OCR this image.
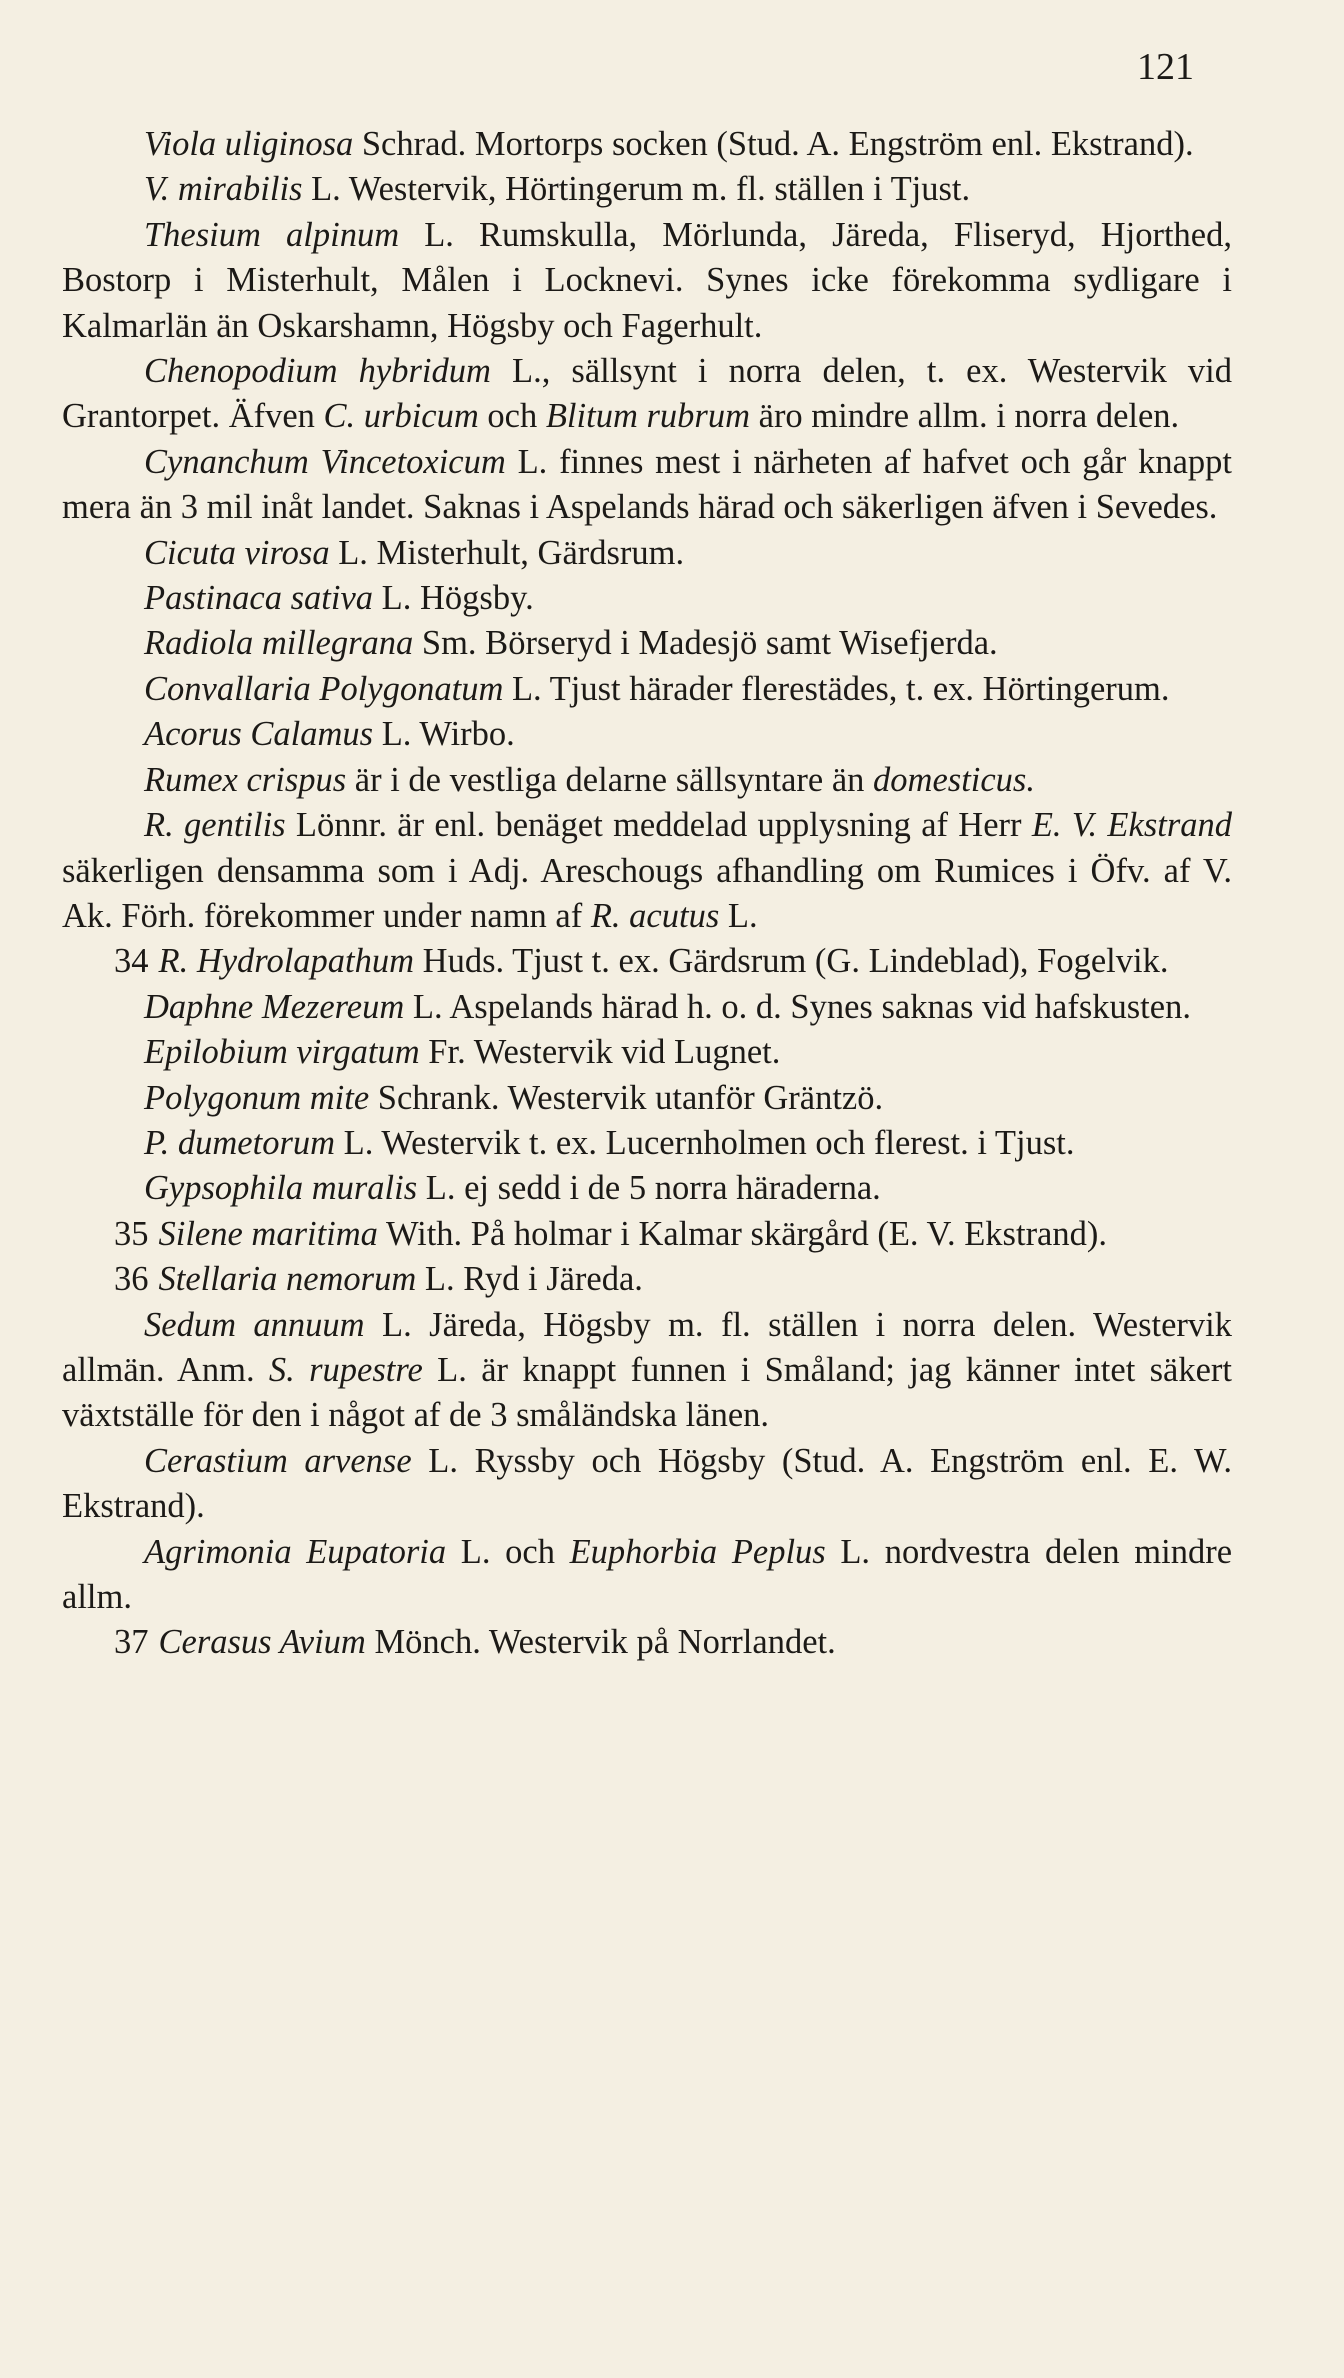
121

Viola uliginosa Schrad. Mortorps socken (Stud. A. Engström enl. Ekstrand).

V. mirabilis L. Westervik, Hörtingerum m. fl. ställen i Tjust.

Thesium alpinum L. Rumskulla, Mörlunda, Järeda, Fliseryd, Hjorthed, Bostorp i Misterhult, Målen i Locknevi. Synes icke förekomma sydligare i Kalmarlän än Oskarshamn, Högsby och Fagerhult.

Chenopodium hybridum L., sällsynt i norra delen, t. ex. Westervik vid Grantorpet. Äfven C. urbicum och Blitum rubrum äro mindre allm. i norra delen.

Cynanchum Vincetoxicum L. finnes mest i närheten af hafvet och går knappt mera än 3 mil inåt landet. Saknas i Aspelands härad och säkerligen äfven i Sevedes.

Cicuta virosa L. Misterhult, Gärdsrum.

Pastinaca sativa L. Högsby.

Radiola millegrana Sm. Börseryd i Madesjö samt Wisefjerda.

Convallaria Polygonatum L. Tjust härader flerestädes, t. ex. Hörtingerum.

Acorus Calamus L. Wirbo.

Rumex crispus är i de vestliga delarne sällsyntare än domesticus.

R. gentilis Lönnr. är enl. benäget meddelad upplysning af Herr E. V. Ekstrand säkerligen densamma som i Adj. Areschougs afhandling om Rumices i Öfv. af V. Ak. Förh. förekommer under namn af R. acutus L.

34 R. Hydrolapathum Huds. Tjust t. ex. Gärdsrum (G. Lindeblad), Fogelvik.

Daphne Mezereum L. Aspelands härad h. o. d. Synes saknas vid hafskusten.

Epilobium virgatum Fr. Westervik vid Lugnet.

Polygonum mite Schrank. Westervik utanför Gräntzö.

P. dumetorum L. Westervik t. ex. Lucernholmen och flerest. i Tjust.

Gypsophila muralis L. ej sedd i de 5 norra häraderna.

35 Silene maritima With. På holmar i Kalmar skärgård (E. V. Ekstrand).

36 Stellaria nemorum L. Ryd i Järeda.

Sedum annuum L. Järeda, Högsby m. fl. ställen i norra delen. Westervik allmän. Anm. S. rupestre L. är knappt funnen i Småland; jag känner intet säkert växtställe för den i något af de 3 småländska länen.

Cerastium arvense L. Ryssby och Högsby (Stud. A. Engström enl. E. W. Ekstrand).

Agrimonia Eupatoria L. och Euphorbia Peplus L. nordvestra delen mindre allm.

37 Cerasus Avium Mönch. Westervik på Norrlandet.
